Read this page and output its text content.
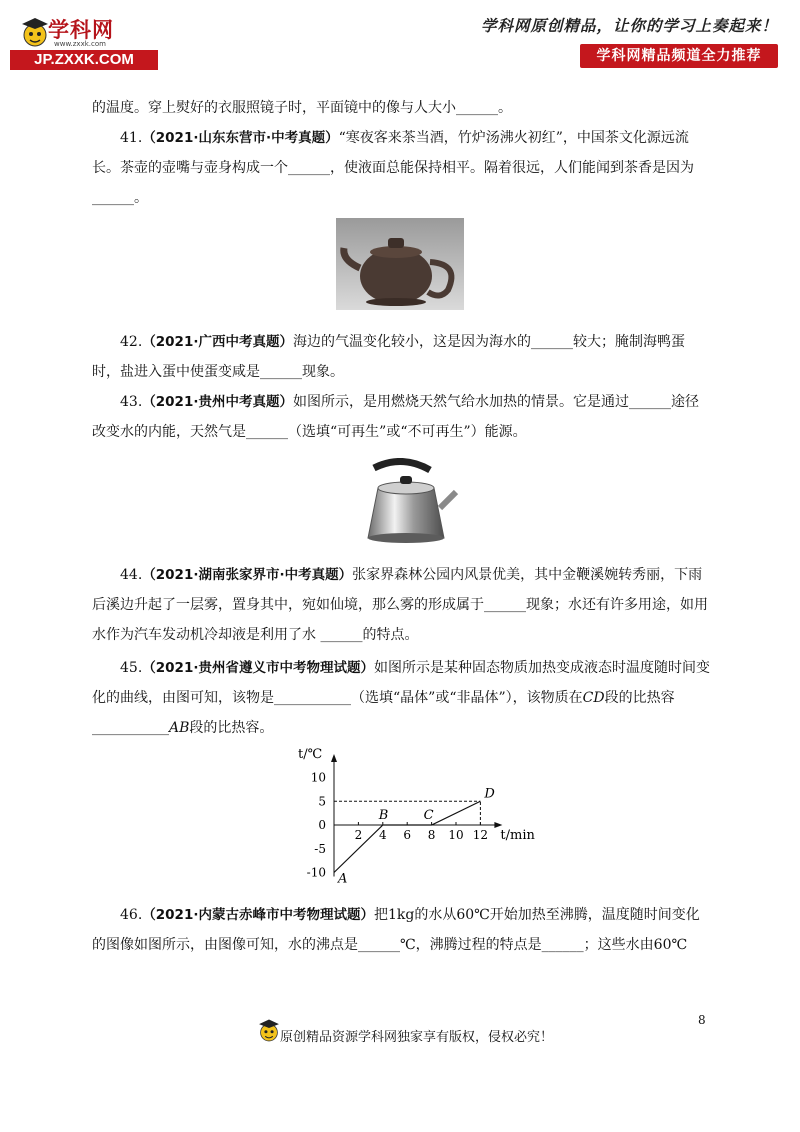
学科网
www.zxxk.com
JP.ZXXK.COM
学科网原创精品，让你的学习上奏起来！
学科网精品频道全力推荐

的温度。穿上熨好的衣服照镜子时，平面镜中的像与人大小______。

41.（2021·山东东营市·中考真题）“寒夜客来茶当酒，竹炉汤沸火初红”，中国茶文化源远流长。茶壶的壶嘴与壶身构成一个______，使液面总能保持相平。隔着很远，人们能闻到茶香是因为 ______。

42.（2021·广西中考真题）海边的气温变化较小，这是因为海水的______较大；腌制海鸭蛋时，盐进入蛋中使蛋变咸是______现象。

43.（2021·贵州中考真题）如图所示，是用燃烧天然气给水加热的情景。它是通过______途径改变水的内能，天然气是______（选填“可再生”或“不可再生”）能源。

44.（2021·湖南张家界市·中考真题）张家界森林公园内风景优美，其中金鞭溪婉转秀丽，下雨后溪边升起了一层雾，置身其中，宛如仙境，那么雾的形成属于______现象；水还有许多用途，如用水作为汽车发动机冷却液是利用了水 ______的特点。

45.（2021·贵州省遵义市中考物理试题）如图所示是某种固态物质加热变成液态时温度随时间变化的曲线，由图可知，该物是___________（选填“晶体”或“非晶体”），该物质在CD段的比热容___________AB段的比热容。

t/℃
t/min
10
5
0
-5
-10
2 4 6 8 10 12
A
B	C
D

46.（2021·内蒙古赤峰市中考物理试题）把1kg的水从60℃开始加热至沸腾，温度随时间变化的图像如图所示，由图像可知，水的沸点是______℃，沸腾过程的特点是______；这些水由60℃

原创精品资源学科网独家享有版权，侵权必究！
8
